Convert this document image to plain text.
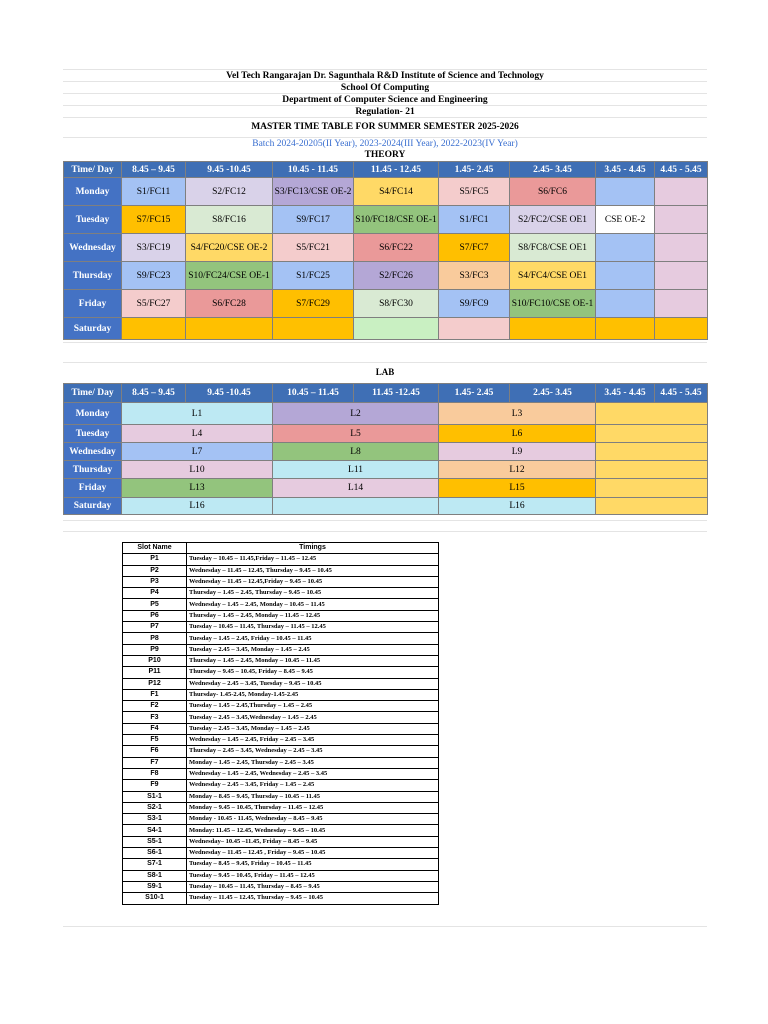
Vel Tech Rangarajan Dr. Sagunthala R&D Institute of Science and Technology
School Of Computing
Department of Computer Science and Engineering
Regulation- 21
MASTER TIME TABLE FOR SUMMER SEMESTER 2025-2026
Batch 2024-20205(II Year), 2023-2024(III Year), 2022-2023(IV Year)
THEORY
Time/ Day	8.45 – 9.45	9.45 -10.45	10.45 - 11.45	11.45 - 12.45	1.45- 2.45	2.45- 3.45	3.45 - 4.45	4.45 - 5.45
Monday	S1/FC11	S2/FC12	S3/FC13/CSE OE-2	S4/FC14	S5/FC5	S6/FC6		
Tuesday	S7/FC15	S8/FC16	S9/FC17	S10/FC18/CSE OE-1	S1/FC1	S2/FC2/CSE OE1	CSE OE-2	
Wednesday	S3/FC19	S4/FC20/CSE OE-2	S5/FC21	S6/FC22	S7/FC7	S8/FC8/CSE OE1		
Thursday	S9/FC23	S10/FC24/CSE OE-1	S1/FC25	S2/FC26	S3/FC3	S4/FC4/CSE OE1		
Friday	S5/FC27	S6/FC28	S7/FC29	S8/FC30	S9/FC9	S10/FC10/CSE OE-1		
Saturday								
LAB
Time/ Day	8.45 – 9.45	9.45 -10.45	10.45 – 11.45	11.45 -12.45	1.45- 2.45	2.45- 3.45	3.45 - 4.45	4.45 - 5.45
Monday	L1		L2		L3			
Tuesday	L4		L5		L6			
Wednesday	L7		L8		L9			
Thursday	L10		L11		L12			
Friday	L13		L14		L15			
Saturday	L16				L16			
Slot Name	Timings
P1	Tuesday – 10.45 – 11.45,Friday – 11.45 – 12.45
P2	Wednesday – 11.45 – 12.45, Thursday – 9.45 – 10.45
P3	Wednesday – 11.45 – 12.45,Friday – 9.45 – 10.45
P4	Thursday – 1.45 – 2.45, Thursday – 9.45 – 10.45
P5	Wednesday – 1.45 – 2.45, Monday – 10.45 – 11.45
P6	Thursday – 1.45 – 2.45, Monday – 11.45 – 12.45
P7	Tuesday – 10.45 – 11.45, Thursday – 11.45 – 12.45
P8	Tuesday – 1.45 – 2.45, Friday – 10.45 – 11.45
P9	Tuesday – 2.45 – 3.45, Monday – 1.45 – 2.45
P10	Thursday – 1.45 – 2.45, Monday – 10.45 – 11.45
P11	Thursday – 9.45 – 10.45, Friday – 8.45 – 9.45
P12	Wednesday – 2.45 – 3.45, Tuesday – 9.45 – 10.45
F1	Thursday- 1.45-2.45, Monday-1.45-2.45
F2	Tuesday – 1.45 – 2.45,Thursday – 1.45 – 2.45
F3	Tuesday – 2.45 – 3.45,Wednesday – 1.45 – 2.45
F4	Tuesday – 2.45 – 3.45, Monday – 1.45 – 2.45
F5	Wednesday – 1.45 – 2.45, Friday – 2.45 – 3.45
F6	Thursday – 2.45 – 3.45, Wednesday – 2.45 – 3.45
F7	Monday – 1.45 – 2.45, Thursday – 2.45 – 3.45
F8	Wednesday – 1.45 – 2.45, Wednesday – 2.45 – 3.45
F9	Wednesday – 2.45 – 3.45, Friday – 1.45 – 2.45
S1-1	Monday – 8.45 – 9.45, Thursday – 10.45 – 11.45
S2-1	Monday – 9.45 – 10.45, Thursday – 11.45 – 12.45
S3-1	Monday - 10.45 - 11.45, Wednesday – 8.45 – 9.45
S4-1	Monday: 11.45 – 12.45, Wednesday – 9.45 – 10.45
S5-1	Wednesday– 10.45 –11.45, Friday – 8.45 – 9.45
S6-1	Wednesday – 11.45 – 12.45 , Friday – 9.45 – 10.45
S7-1	Tuesday – 8.45 – 9.45, Friday – 10.45 – 11.45
S8-1	Tuesday – 9.45 – 10.45, Friday – 11.45 – 12.45
S9-1	Tuesday – 10.45 – 11.45, Thursday – 8.45 – 9.45
S10-1	Tuesday – 11.45 – 12.45, Thursday – 9.45 – 10.45
